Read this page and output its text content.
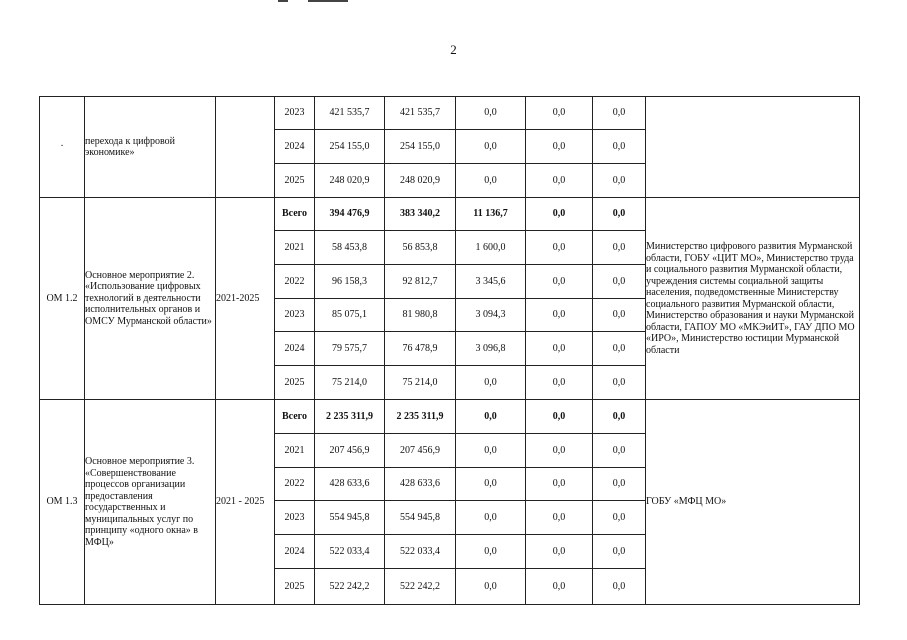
2
·	перехода к цифровой экономике»		2023	421 535,7	421 535,7	0,0	0,0	0,0	
			2024	254 155,0	254 155,0	0,0	0,0	0,0	
			2025	248 020,9	248 020,9	0,0	0,0	0,0	
ОМ 1.2	Основное мероприятие 2. «Использование цифровых технологий в деятельности исполнительных органов и ОМСУ Мурманской области»	2021-2025	Всего	394 476,9	383 340,2	11 136,7	0,0	0,0	Министерство цифрового развития Мурманской области, ГОБУ «ЦИТ МО», Министерство труда и социального развития Мурманской области, учреждения системы социальной защиты населения, подведомственные Министерству социального развития Мурманской области, Министерство образования и науки Мурманской области, ГАПОУ МО «МКЭиИТ», ГАУ ДПО МО «ИРО», Министерство юстиции Мурманской области
			2021	58 453,8	56 853,8	1 600,0	0,0	0,0	
			2022	96 158,3	92 812,7	3 345,6	0,0	0,0	
			2023	85 075,1	81 980,8	3 094,3	0,0	0,0	
			2024	79 575,7	76 478,9	3 096,8	0,0	0,0	
			2025	75 214,0	75 214,0	0,0	0,0	0,0	
ОМ 1.3	Основное мероприятие 3. «Совершенствование процессов организации предоставления государственных и муниципальных услуг по принципу «одного окна» в МФЦ»	2021 - 2025	Всего	2 235 311,9	2 235 311,9	0,0	0,0	0,0	ГОБУ «МФЦ МО»
			2021	207 456,9	207 456,9	0,0	0,0	0,0	
			2022	428 633,6	428 633,6	0,0	0,0	0,0	
			2023	554 945,8	554 945,8	0,0	0,0	0,0	
			2024	522 033,4	522 033,4	0,0	0,0	0,0	
			2025	522 242,2	522 242,2	0,0	0,0	0,0	
